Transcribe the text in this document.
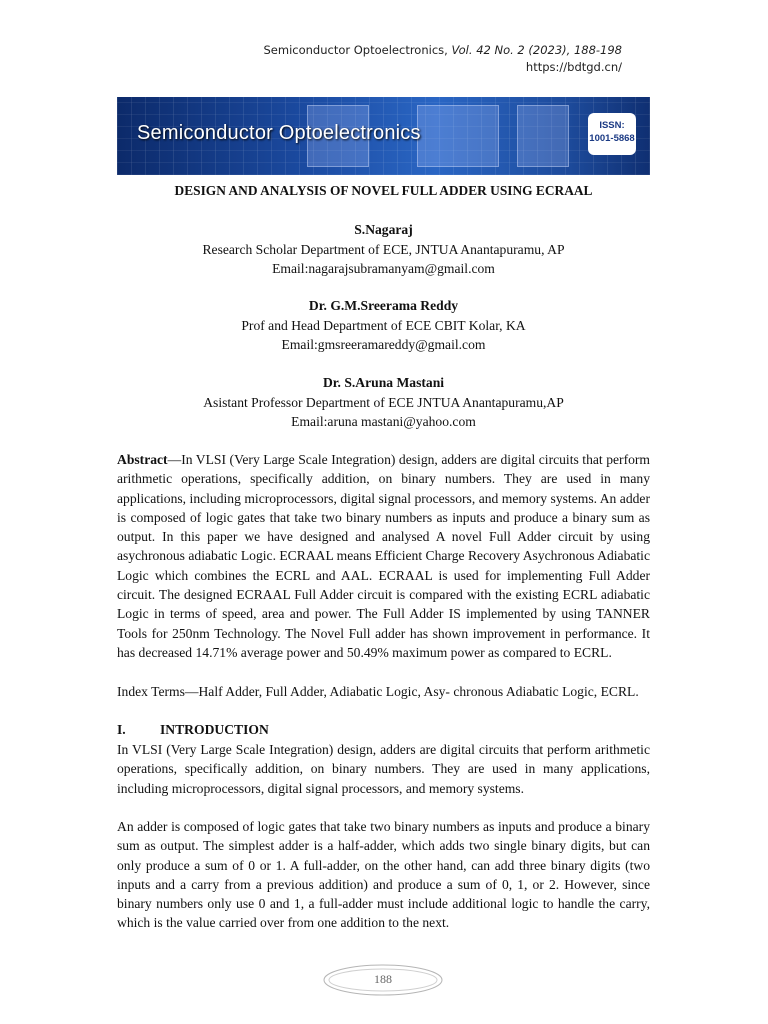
Semiconductor Optoelectronics, Vol. 42 No. 2 (2023), 188-198
https://bdtgd.cn/
Semiconductor Optoelectronics	ISSN:
1001-5868
DESIGN AND ANALYSIS OF NOVEL FULL ADDER USING ECRAAL
S.Nagaraj
Research Scholar Department of ECE, JNTUA Anantapuramu, AP
Email:nagarajsubramanyam@gmail.com
Dr. G.M.Sreerama Reddy
Prof and Head Department of ECE CBIT Kolar, KA
Email:gmsreeramareddy@gmail.com
Dr. S.Aruna Mastani
Asistant Professor Department of ECE JNTUA Anantapuramu,AP
Email:aruna mastani@yahoo.com
Abstract—In VLSI (Very Large Scale Integration) design, adders are digital circuits that perform arithmetic operations, specifically addition, on binary numbers. They are used in many applications, including microprocessors, digital signal processors, and memory systems. An adder is composed of logic gates that take two binary numbers as inputs and produce a binary sum as output. In this paper we have designed and analysed A novel Full Adder circuit by using asychronous adiabatic Logic. ECRAAL means Efficient Charge Recovery Asychronous Adiabatic Logic which combines the ECRL and AAL. ECRAAL is used for implementing Full Adder circuit. The designed ECRAAL Full Adder circuit is compared with the existing ECRL adiabatic Logic in terms of speed, area and power. The Full Adder IS implemented by using TANNER Tools for 250nm Technology. The Novel Full adder has shown improvement in performance. It has decreased 14.71% average power and 50.49% maximum power as compared to ECRL.
Index Terms—Half Adder, Full Adder, Adiabatic Logic, Asy- chronous Adiabatic Logic, ECRL.
I.	INTRODUCTION
In VLSI (Very Large Scale Integration) design, adders are digital circuits that perform arithmetic operations, specifically addition, on binary numbers. They are used in many applications, including microprocessors, digital signal processors, and memory systems.
An adder is composed of logic gates that take two binary numbers as inputs and produce a binary sum as output. The simplest adder is a half-adder, which adds two single binary digits, but can only produce a sum of 0 or 1. A full-adder, on the other hand, can add three binary digits (two inputs and a carry from a previous addition) and produce a sum of 0, 1, or 2. However, since binary numbers only use 0 and 1, a full-adder must include additional logic to handle the carry, which is the value carried over from one addition to the next.
188
